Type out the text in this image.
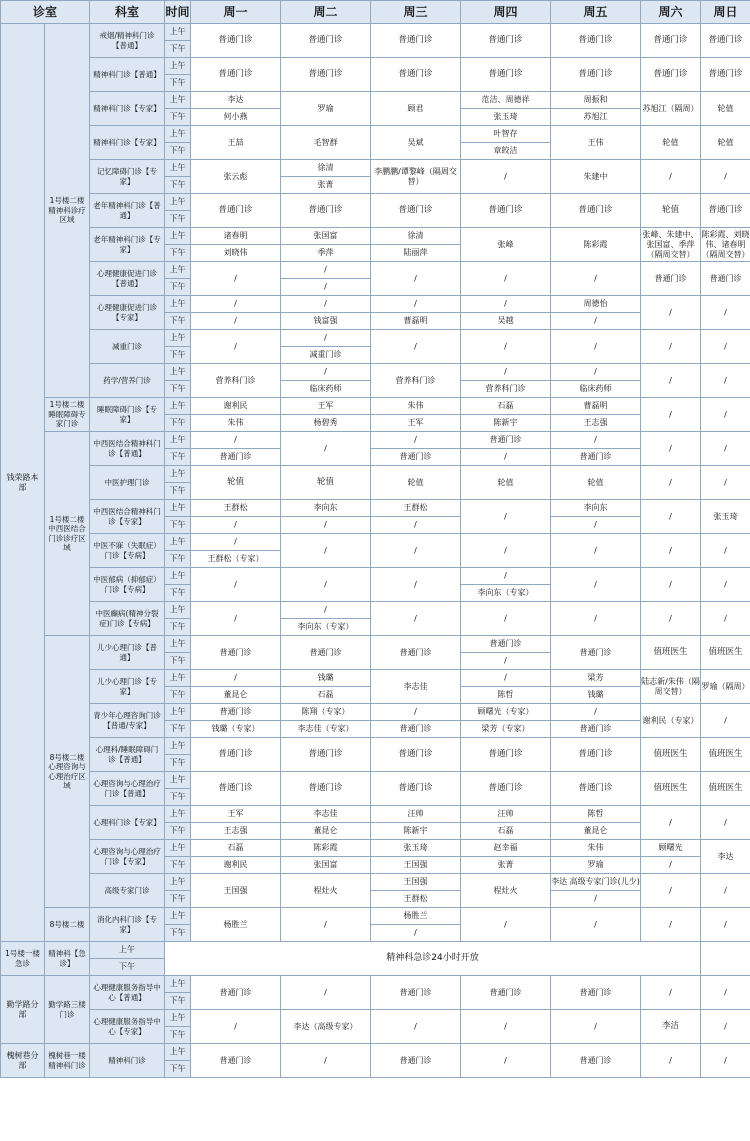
诊室		科室	时间	周一	周二	周三	周四	周五	周六	周日
钱荣路本部	1号楼二楼精神科诊疗区域	戒烟/精神科门诊【普通】	上午	普通门诊	普通门诊	普通门诊	普通门诊	普通门诊	普通门诊	普通门诊
			下午							
		精神科门诊【普通】	上午	普通门诊	普通门诊	普通门诊	普通门诊	普通门诊	普通门诊	普通门诊
			下午							
		精神科门诊【专家】	上午	李达	罗瑜	顾君	范洁、周德祥	周振和	苏旭江（隔周）	轮值
			下午	何小燕			张玉琦	苏旭江		
		精神科门诊【专家】	上午	王喆	毛智群	吴斌	叶智存	王伟	轮值	轮值
			下午				章皎洁			
		记忆障碍门诊【专家】	上午	张云彪	徐清	李鹏鹏/谭黎峰（隔周交替）	/	朱建中	/	/
			下午		张菁					
		老年精神科门诊【普通】	上午	普通门诊	普通门诊	普通门诊	普通门诊	普通门诊	轮值	普通门诊
			下午							
		老年精神科门诊【专家】	上午	诸春明	张国富	徐清	张峰	陈彩霞	张峰、朱建中、张国富、季萍（隔周交替）	陈彩霞、刘晓伟、诸春明（隔周交替）
			下午	刘晓伟	季萍	陆丽萍				
		心理健康促进门诊【普通】	上午	/	/	/	/	/	普通门诊	普通门诊
			下午		/					
		心理健康促进门诊【专家】	上午	/	/	/	/	周德怡	/	/
			下午	/	钱富强	曹磊明	吴越	/		
		减重门诊	上午	/	/	/	/	/	/	/
			下午		减重门诊					
		药学/营养门诊	上午	营养科门诊	/	营养科门诊	/	/	/	/
			下午		临床药师		营养科门诊	临床药师		
	1号楼二楼睡眠障碍专家门诊	睡眠障碍门诊【专家】	上午	谢利民	王军	朱伟	石磊	曹磊明	/	/
			下午	朱伟	杨碧秀	王军	陈新宇	王志强		
	1号楼二楼中西医结合门诊诊疗区域	中西医结合精神科门诊【普通】	上午	/	/	/	普通门诊	/	/	/
			下午	普通门诊		普通门诊	/	普通门诊		
		中医护理门诊	上午	轮值	轮值	轮值	轮值	轮值	/	/
			下午							
		中西医结合精神科门诊【专家】	上午	王群松	李向东	王群松	/	李向东	/	张玉琦
			下午	/	/	/		/		
		中医不寐（失眠症）门诊【专病】	上午	/	/	/	/	/	/	/
			下午	王群松（专家）						
		中医郁病（抑郁症）门诊【专病】	上午	/	/	/	/	/	/	/
			下午				李向东（专家）			
		中医癫病(精神分裂症)门诊【专病】	上午	/	/	/	/	/	/	/
			下午		李向东（专家）					
	8号楼二楼心理咨询与心理治疗区域	儿少心理门诊【普通】	上午	普通门诊	普通门诊	普通门诊	普通门诊	普通门诊	值班医生	值班医生
			下午				/			
		儿少心理门诊【专家】	上午	/	钱璐	李志佳	/	梁芳	陆志新/朱伟（隔周交替）	罗瑜（隔周）
			下午	董昆仑	石磊		陈哲	钱璐		
		青少年心理咨询门诊【普通/专家】	上午	普通门诊	陈翔（专家）	/	顾曙光（专家）	/	谢利民（专家）	/
			下午	钱璐（专家）	李志佳（专家）	普通门诊	梁芳（专家）	普通门诊		
		心理科/睡眠障碍门诊【普通】	上午	普通门诊	普通门诊	普通门诊	普通门诊	普通门诊	值班医生	值班医生
			下午							
		心理咨询与心理治疗门诊【普通】	上午	普通门诊	普通门诊	普通门诊	普通门诊	普通门诊	值班医生	值班医生
			下午							
		心理科门诊【专家】	上午	王军	李志佳	汪帅	汪帅	陈哲	/	/
			下午	王志强	董昆仑	陈新宇	石磊	董昆仑		
		心理咨询与心理治疗门诊【专家】	上午	石磊	陈彩霞	张玉琦	赵幸福	朱伟	顾曙光	李达
			下午	谢利民	张国富	王国强	张菁	罗瑜	/	
		高级专家门诊	上午	王国强	程灶火	王国强	程灶火	李达 高级专家门诊(儿少)	/	/
			下午			王群松		/		
	8号楼二楼	消化内科门诊【专家】	上午	杨胜兰	/	杨胜兰	/	/	/	/
			下午			/				
1号楼一楼急诊	精神科【急诊】	上午	精神科急诊24小时开放							
		下午								
勤学路分部	勤学路三楼门诊	心理健康服务指导中心【普通】	上午	普通门诊	/	普通门诊	普通门诊	普通门诊	/	/
			下午							
		心理健康服务指导中心【专家】	上午	/	李达（高级专家）	/	/	/	李洁	/
			下午							
槐树巷分部	槐树巷一楼精神科门诊	精神科门诊	上午	普通门诊	/	普通门诊	/	普通门诊	/	/
			下午							
